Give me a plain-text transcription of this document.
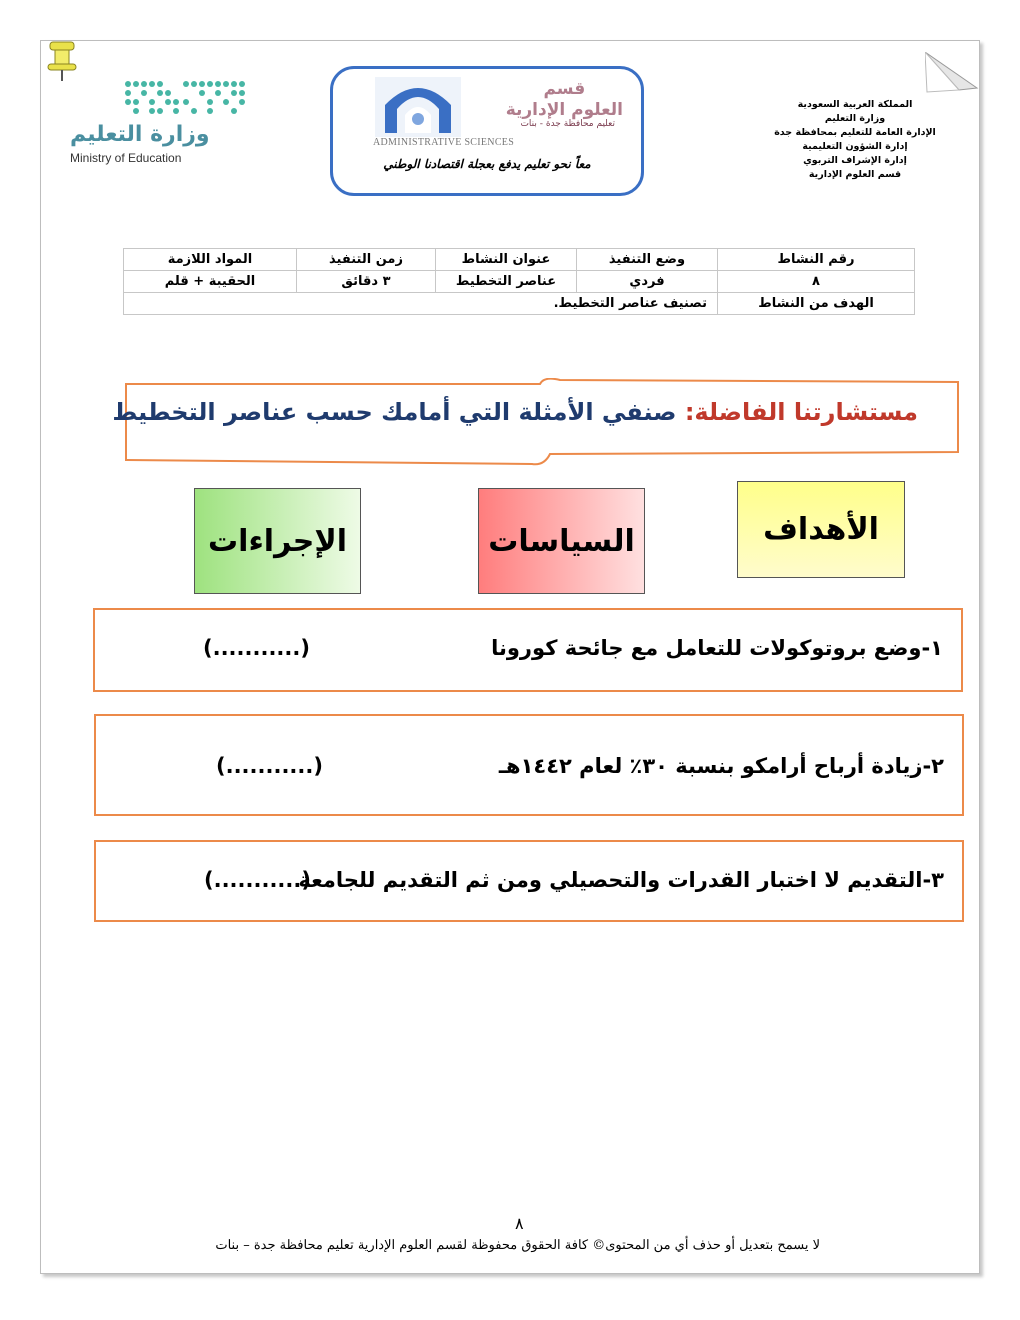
وزارة التعليم
Ministry of Education
قسم
العلوم الإدارية
تعليم محافظة جدة - بنات
ADMINISTRATIVE SCIENCES
معاً نحو تعليم يدفع بعجلة اقتصادنا الوطني
المملكة العربية السعودية
وزارة التعليم
الإدارة العامة للتعليم بمحافظة جدة
إدارة الشؤون التعليمية
إدارة الإشراف التربوي
قسم العلوم الإدارية
رقم النشاط	وضع التنفيذ	عنوان النشاط	زمن التنفيذ	المواد اللازمة
٨	فردي	عناصر التخطيط	٣ دقائق	الحقيبة + قلم
الهدف من النشاط	تصنيف عناصر التخطيط.			
مستشارتنا الفاضلة: صنفي الأمثلة التي أمامك حسب عناصر التخطيط
الأهداف
السياسات
الإجراءات
١-وضع بروتوكولات للتعامل مع جائحة كورونا
(...........)
٢-زيادة أرباح أرامكو بنسبة ٣٠٪ لعام ١٤٤٢هـ
(...........)
٣-التقديم لا اختبار القدرات والتحصيلي ومن ثم التقديم للجامعة
(...........)
٨
لا يسمح بتعديل أو حذف أي من المحتوى© كافة الحقوق محفوظة لقسم العلوم الإدارية تعليم محافظة جدة – بنات
